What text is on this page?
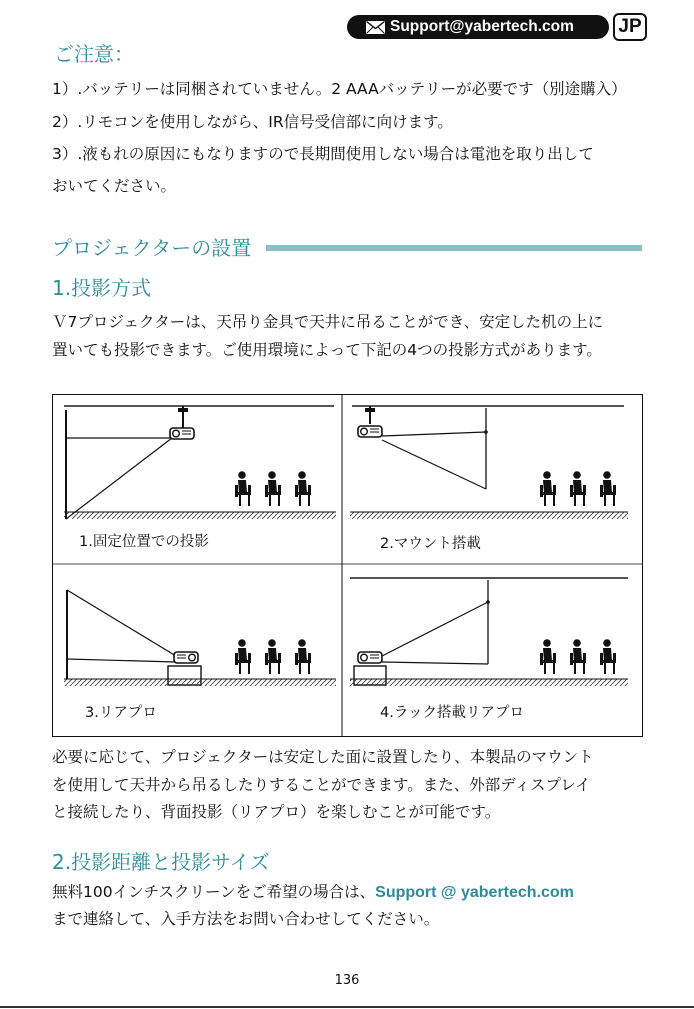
Support@yabertech.com JP
ご注意：
1）.バッテリーは同梱されていません。2 AAAバッテリーが必要です（別途購入）
2）.リモコンを使用しながら、IR信号受信部に向けます。
3）.液もれの原因にもなりますので長期間使用しない場合は電池を取り出して
おいてください。
プロジェクターの設置
1.投影方式
Ｖ7プロジェクターは、天吊り金具で天井に吊ることができ、安定した机の上に
置いても投影できます。ご使用環境によって下記の4つの投影方式があります。
1.固定位置での投影	2.マウント搭載
3.リアプロ	4.ラック搭載リアプロ
必要に応じて、プロジェクターは安定した面に設置したり、本製品のマウント
を使用して天井から吊るしたりすることができます。また、外部ディスプレイ
と接続したり、背面投影（リアプロ）を楽しむことが可能です。
2.投影距離と投影サイズ
無料100インチスクリーンをご希望の場合は、Support @ yabertech.com
まで連絡して、入手方法をお問い合わせしてください。
136
